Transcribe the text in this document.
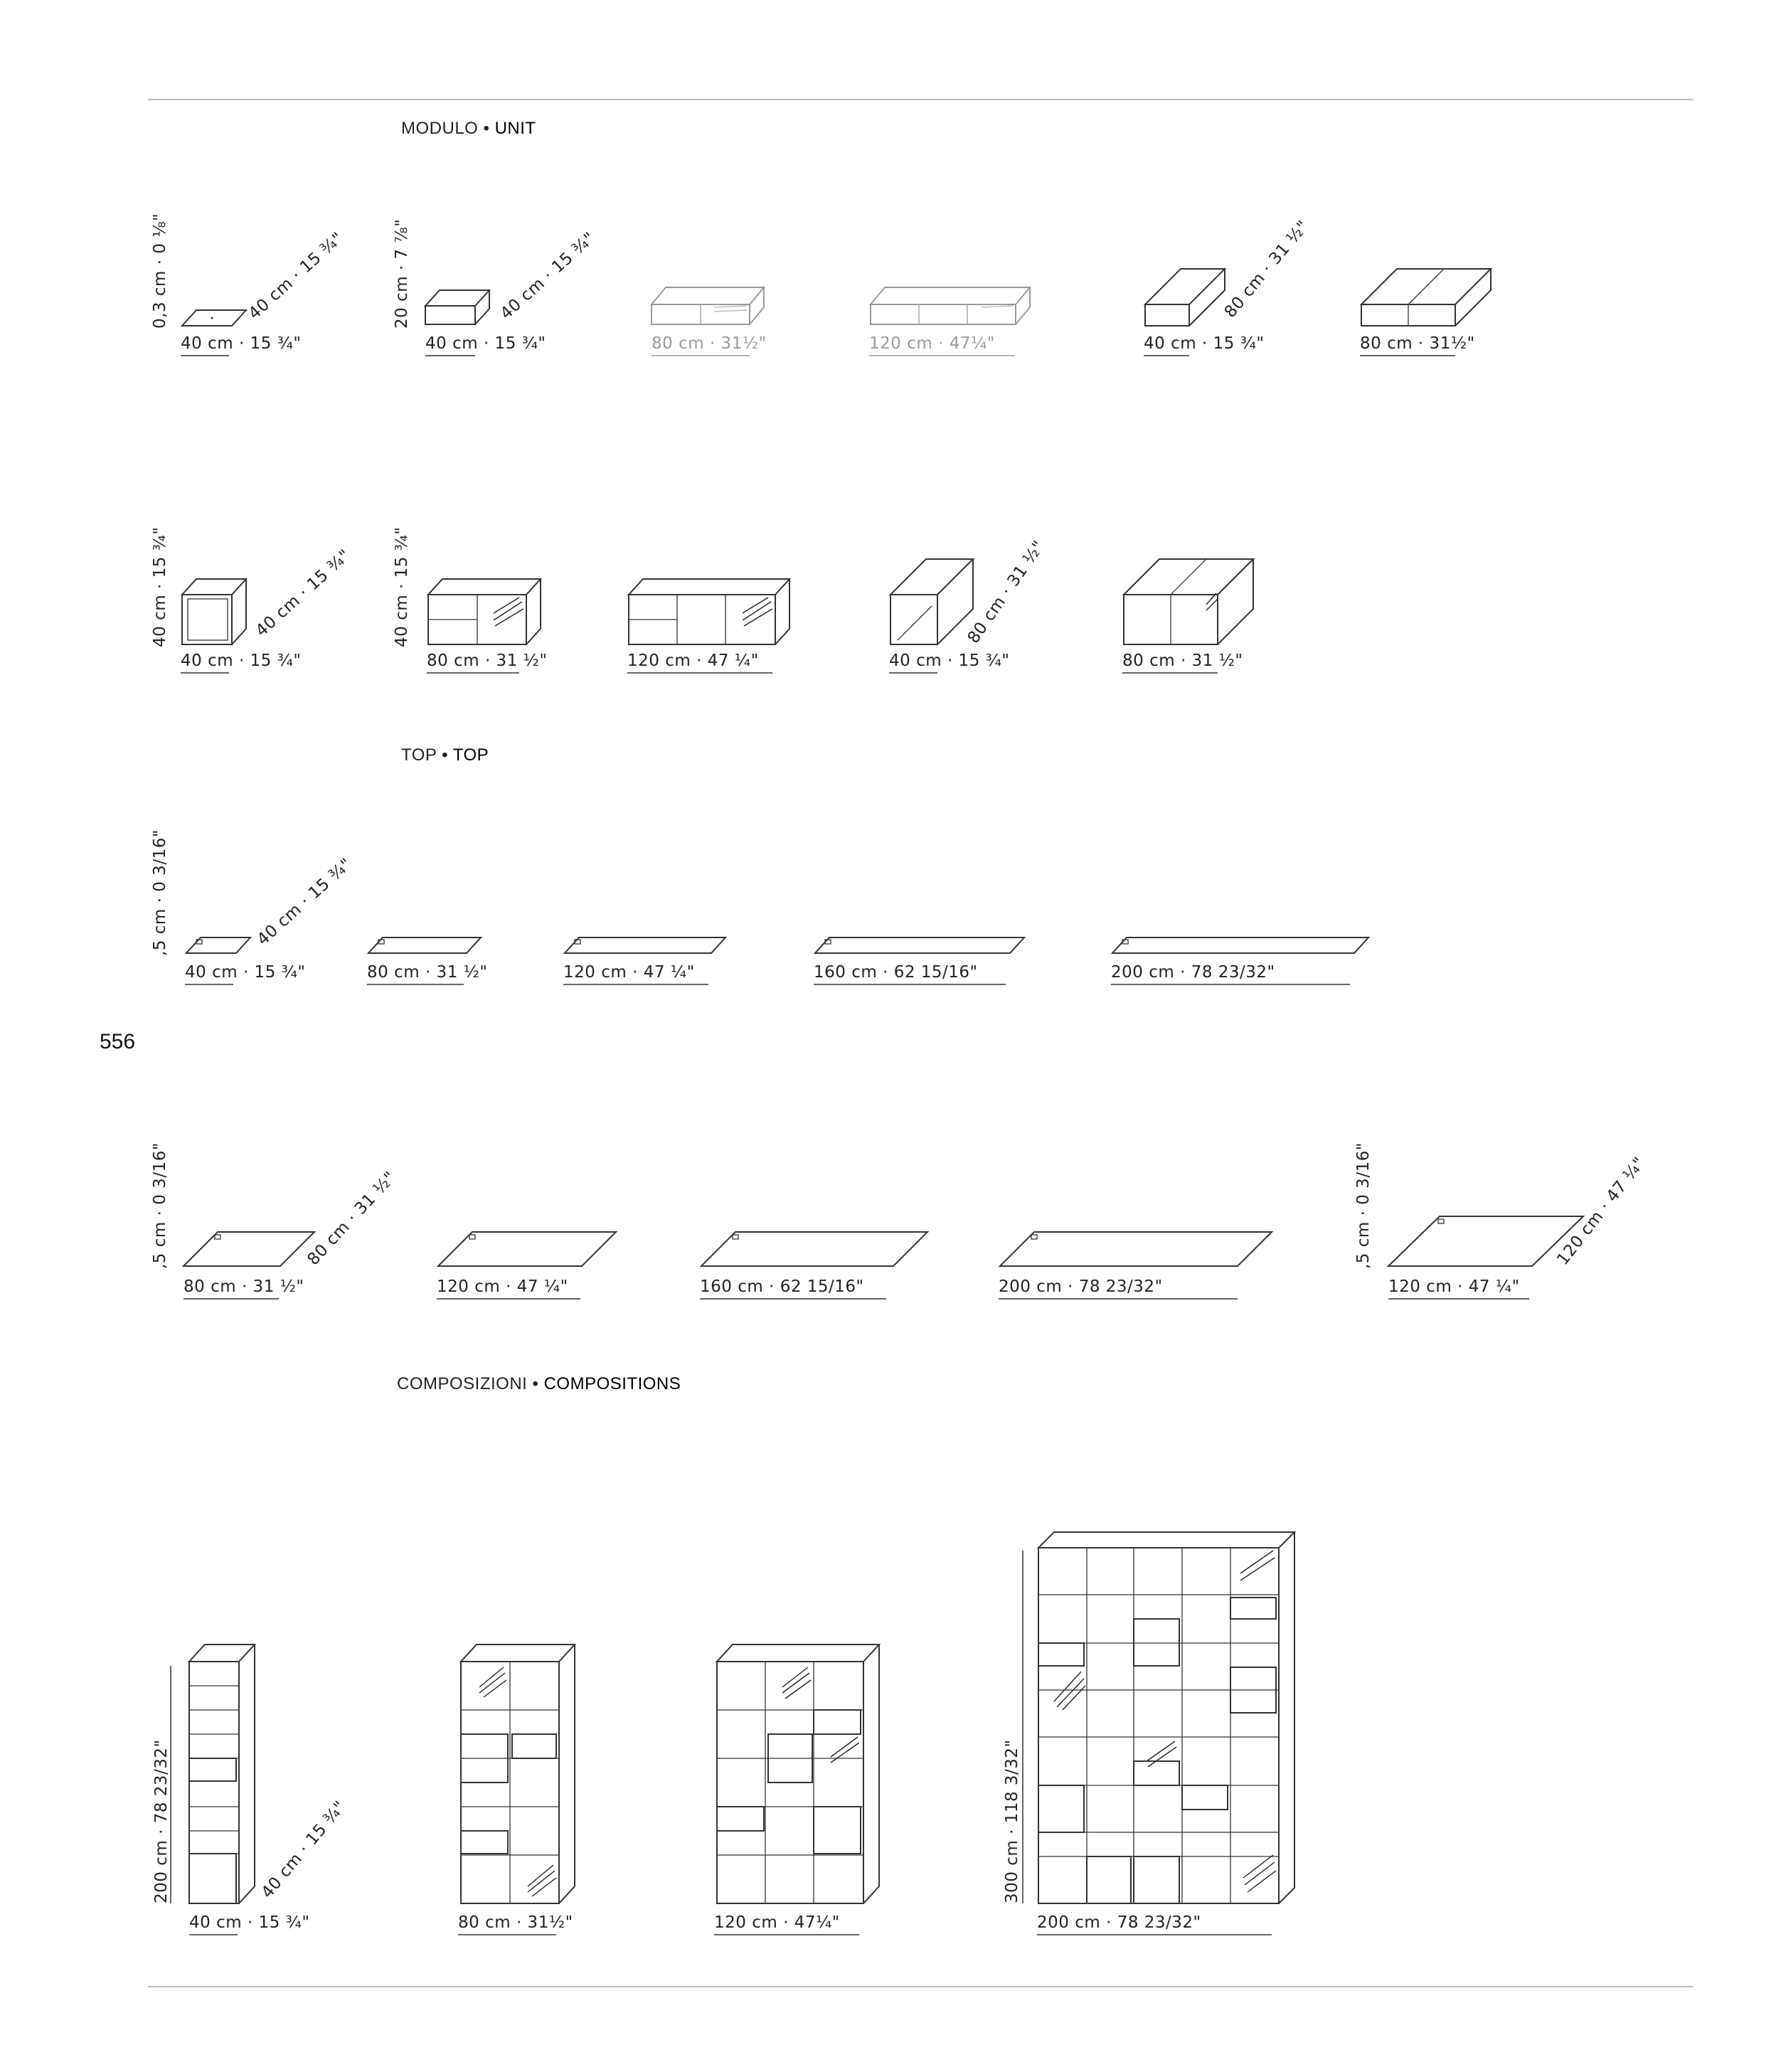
MODULO • UNIT
TOP • TOP
COMPOSIZIONI • COMPOSITIONS
556
0,3 cm · 0 ⅛"	40 cm · 15 ¾"
40 cm · 15 ¾"
20 cm · 7 ⅞"	40 cm · 15 ¾"
40 cm · 15 ¾"	80 cm · 31½"	120 cm · 47¼"
80 cm · 31 ½"
40 cm · 15 ¾"	80 cm · 31½"
40 cm · 15 ¾"	40 cm · 15 ¾"
40 cm · 15 ¾"
40 cm · 15 ¾"
80 cm · 31 ½"	120 cm · 47 ¼"
80 cm · 31 ½"
40 cm · 15 ¾"	80 cm · 31 ½"
,5 cm · 0 3/16"	40 cm · 15 ¾"
40 cm · 15 ¾"	80 cm · 31 ½"	120 cm · 47 ¼"	160 cm · 62 15/16"	200 cm · 78 23/32"
,5 cm · 0 3/16"	80 cm · 31 ½"
80 cm · 31 ½"	120 cm · 47 ¼"	160 cm · 62 15/16"	200 cm · 78 23/32"
,5 cm · 0 3/16"	120 cm · 47 ¼"
120 cm · 47 ¼"
200 cm · 78 23/32"	40 cm · 15 ¾"
40 cm · 15 ¾"	80 cm · 31½"	120 cm · 47¼"
300 cm · 118 3/32"
200 cm · 78 23/32"
